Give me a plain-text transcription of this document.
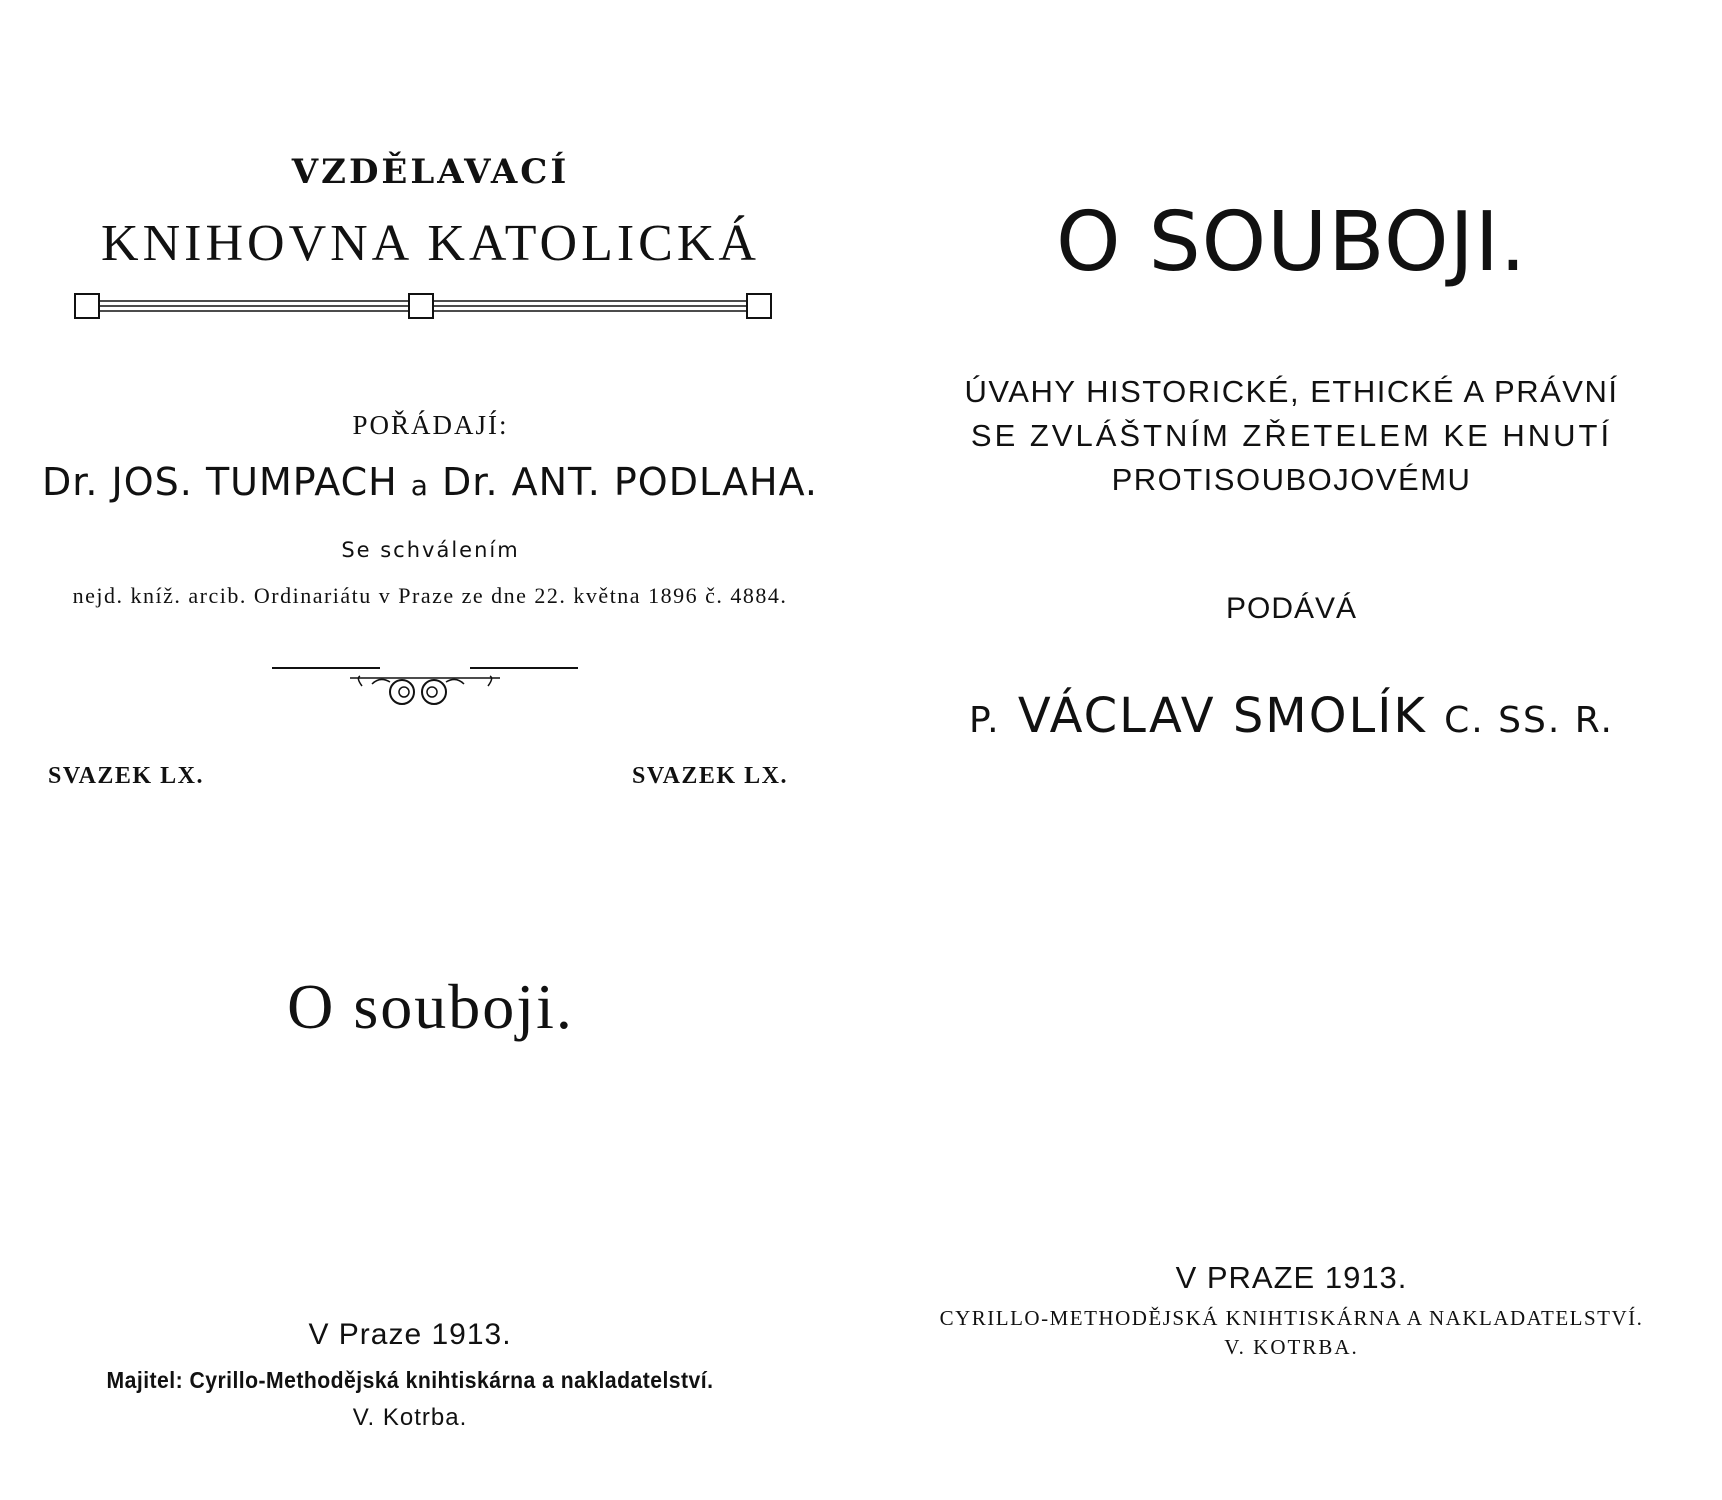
VZDĚLAVACÍ
KNIHOVNA KATOLICKÁ
POŘÁDAJÍ:
Dr. JOS. TUMPACH a Dr. ANT. PODLAHA.
Se schválením
nejd. kníž. arcib. Ordinariátu v Praze ze dne 22. května 1896 č. 4884.
SVAZEK LX.	SVAZEK LX.
O souboji.
V Praze 1913.
Majitel: Cyrillo-Methodějská knihtiskárna a nakladatelství.
V. Kotrba.
O SOUBOJI.
ÚVAHY HISTORICKÉ, ETHICKÉ A PRÁVNÍ
SE ZVLÁŠTNÍM ZŘETELEM KE HNUTÍ
PROTISOUBOJOVÉMU
PODÁVÁ
P. VÁCLAV SMOLÍK C. SS. R.
V PRAZE 1913.
CYRILLO-METHODĚJSKÁ KNIHTISKÁRNA A NAKLADATELSTVÍ.
V. KOTRBA.
